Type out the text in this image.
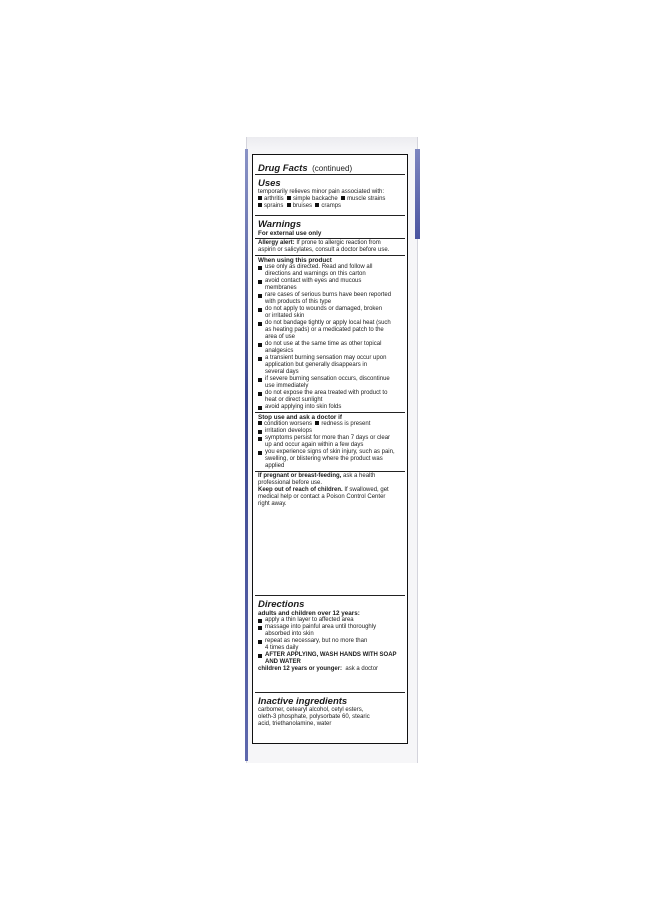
Drug Facts (continued)
Uses
temporarily relieves minor pain associated with:
arthritis simple backache muscle strains
sprains bruises cramps
Warnings
For external use only
Allergy alert: If prone to allergic reaction from
aspirin or salicylates, consult a doctor before use.
When using this product
use only as directed. Read and follow all
directions and warnings on this carton
avoid contact with eyes and mucous
membranes
rare cases of serious burns have been reported
with products of this type
do not apply to wounds or damaged, broken
or irritated skin
do not bandage tightly or apply local heat (such
as heating pads) or a medicated patch to the
area of use
do not use at the same time as other topical
analgesics
a transient burning sensation may occur upon
application but generally disappears in
several days
if severe burning sensation occurs, discontinue
use immediately
do not expose the area treated with product to
heat or direct sunlight
avoid applying into skin folds
Stop use and ask a doctor if
condition worsens redness is present
irritation develops
symptoms persist for more than 7 days or clear
up and occur again within a few days
you experience signs of skin injury, such as pain,
swelling, or blistering where the product was
applied
If pregnant or breast-feeding, ask a health
professional before use.
Keep out of reach of children. If swallowed, get
medical help or contact a Poison Control Center
right away.
Directions
adults and children over 12 years:
apply a thin layer to affected area
massage into painful area until thoroughly
absorbed into skin
repeat as necessary, but no more than
4 times daily
AFTER APPLYING, WASH HANDS WITH SOAP
AND WATER
children 12 years or younger: ask a doctor
Inactive ingredients
carbomer, cetearyl alcohol, cetyl esters,
oleth-3 phosphate, polysorbate 60, stearic
acid, triethanolamine, water
